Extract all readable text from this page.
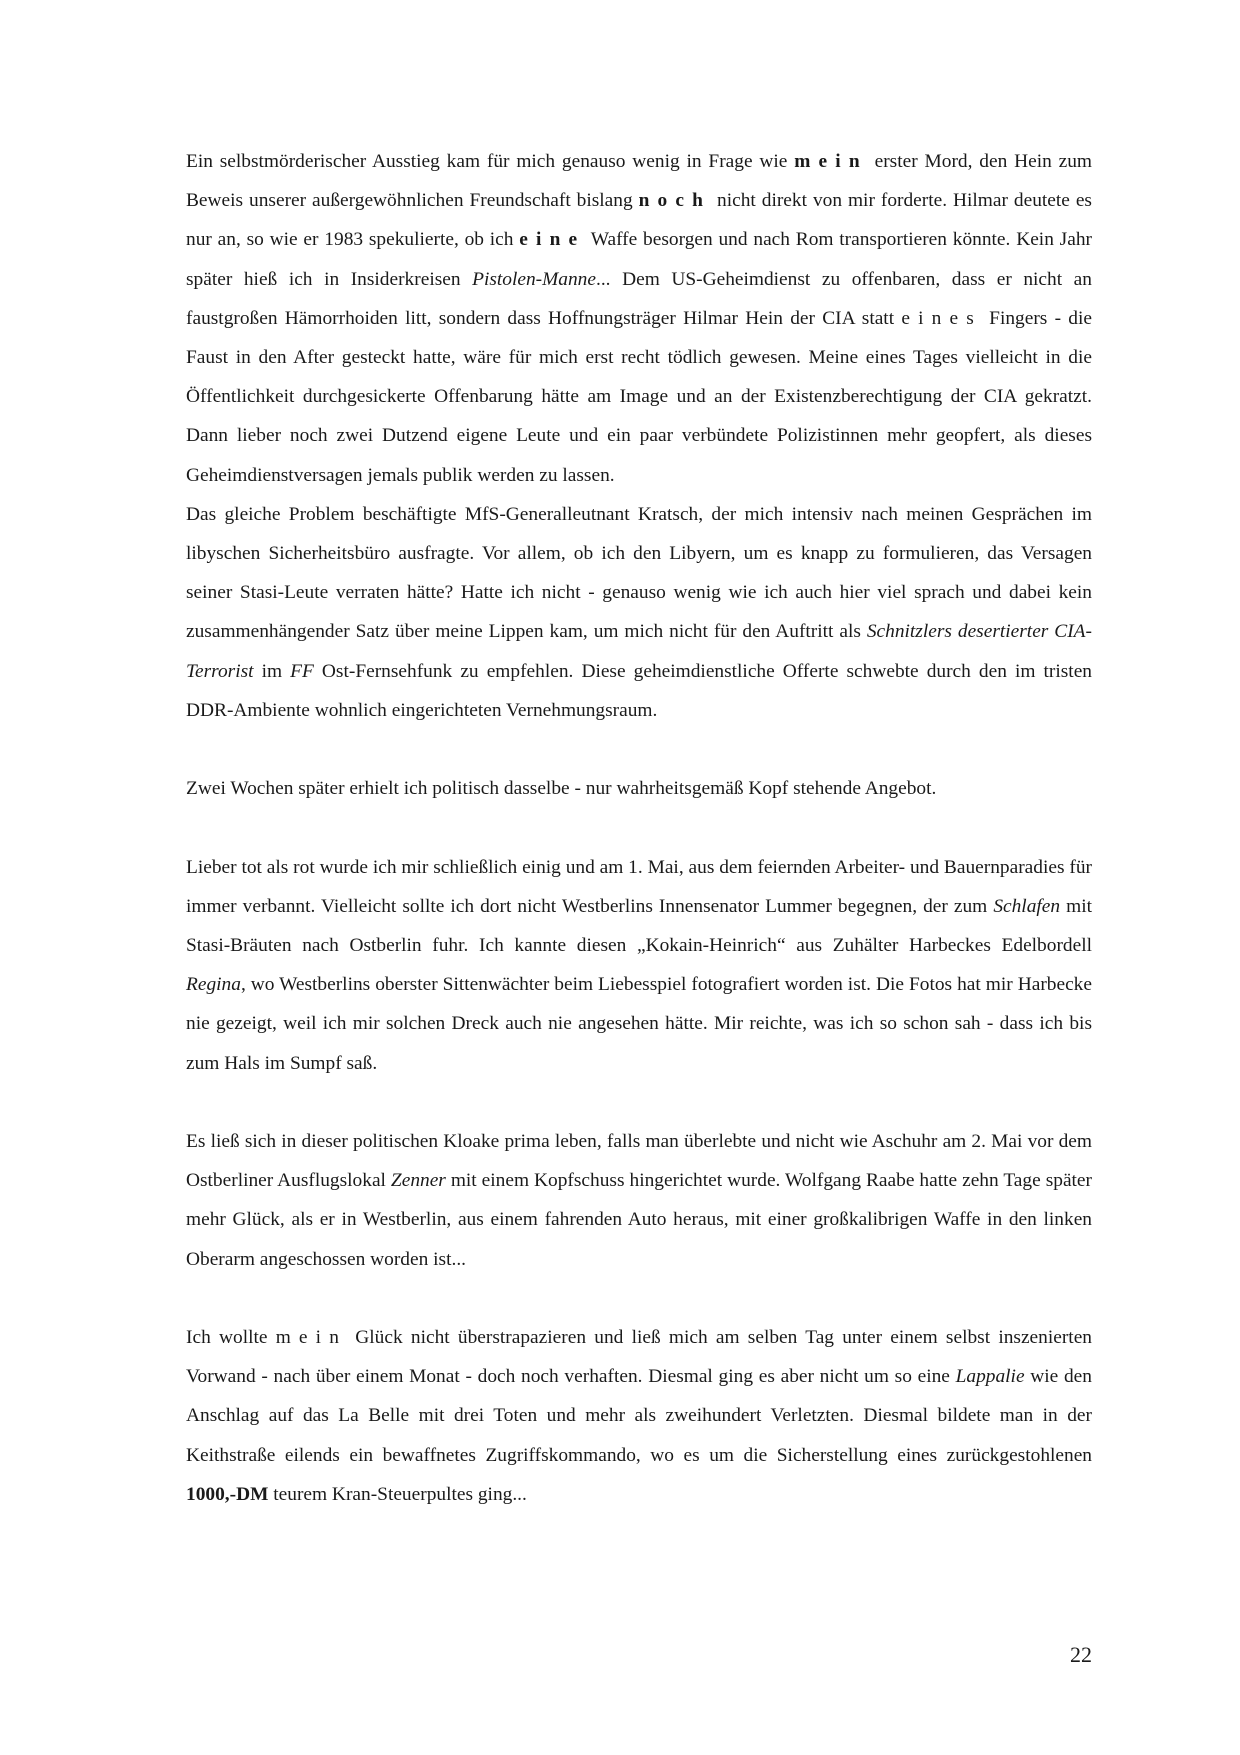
Ein selbstmörderischer Ausstieg kam für mich genauso wenig in Frage wie mein erster Mord, den Hein zum Beweis unserer außergewöhnlichen Freundschaft bislang noch nicht direkt von mir forderte. Hilmar deutete es nur an, so wie er 1983 spekulierte, ob ich eine Waffe besorgen und nach Rom transportieren könnte. Kein Jahr später hieß ich in Insiderkreisen Pistolen-Manne... Dem US-Geheimdienst zu offenbaren, dass er nicht an faustgroßen Hämorrhoiden litt, sondern dass Hoffnungsträger Hilmar Hein der CIA statt eines Fingers - die Faust in den After gesteckt hatte, wäre für mich erst recht tödlich gewesen. Meine eines Tages vielleicht in die Öffentlichkeit durchgesickerte Offenbarung hätte am Image und an der Existenzberechtigung der CIA gekratzt. Dann lieber noch zwei Dutzend eigene Leute und ein paar verbündete Polizistinnen mehr geopfert, als dieses Geheimdienstversagen jemals publik werden zu lassen.

Das gleiche Problem beschäftigte MfS-Generalleutnant Kratsch, der mich intensiv nach meinen Gesprächen im libyschen Sicherheitsbüro ausfragte. Vor allem, ob ich den Libyern, um es knapp zu formulieren, das Versagen seiner Stasi-Leute verraten hätte? Hatte ich nicht - genauso wenig wie ich auch hier viel sprach und dabei kein zusammenhängender Satz über meine Lippen kam, um mich nicht für den Auftritt als Schnitzlers desertierter CIA-Terrorist im FF Ost-Fernsehfunk zu empfehlen. Diese geheimdienstliche Offerte schwebte durch den im tristen DDR-Ambiente wohnlich eingerichteten Vernehmungsraum.

Zwei Wochen später erhielt ich politisch dasselbe - nur wahrheitsgemäß Kopf stehende Angebot.

Lieber tot als rot wurde ich mir schließlich einig und am 1. Mai, aus dem feiernden Arbeiter- und Bauernparadies für immer verbannt. Vielleicht sollte ich dort nicht Westberlins Innensenator Lummer begegnen, der zum Schlafen mit Stasi-Bräuten nach Ostberlin fuhr. Ich kannte diesen „Kokain-Heinrich“ aus Zuhälter Harbeckes Edelbordell Regina, wo Westberlins oberster Sittenwächter beim Liebesspiel fotografiert worden ist. Die Fotos hat mir Harbecke nie gezeigt, weil ich mir solchen Dreck auch nie angesehen hätte. Mir reichte, was ich so schon sah - dass ich bis zum Hals im Sumpf saß.

Es ließ sich in dieser politischen Kloake prima leben, falls man überlebte und nicht wie Aschuhr am 2. Mai vor dem Ostberliner Ausflugslokal Zenner mit einem Kopfschuss hingerichtet wurde. Wolfgang Raabe hatte zehn Tage später mehr Glück, als er in Westberlin, aus einem fahrenden Auto heraus, mit einer großkalibrigen Waffe in den linken Oberarm angeschossen worden ist...

Ich wollte mein Glück nicht überstrapazieren und ließ mich am selben Tag unter einem selbst inszenierten Vorwand - nach über einem Monat - doch noch verhaften. Diesmal ging es aber nicht um so eine Lappalie wie den Anschlag auf das La Belle mit drei Toten und mehr als zweihundert Verletzten. Diesmal bildete man in der Keithstraße eilends ein bewaffnetes Zugriffskommando, wo es um die Sicherstellung eines zurückgestohlenen 1000,-DM teurem Kran-Steuerpultes ging...

22
